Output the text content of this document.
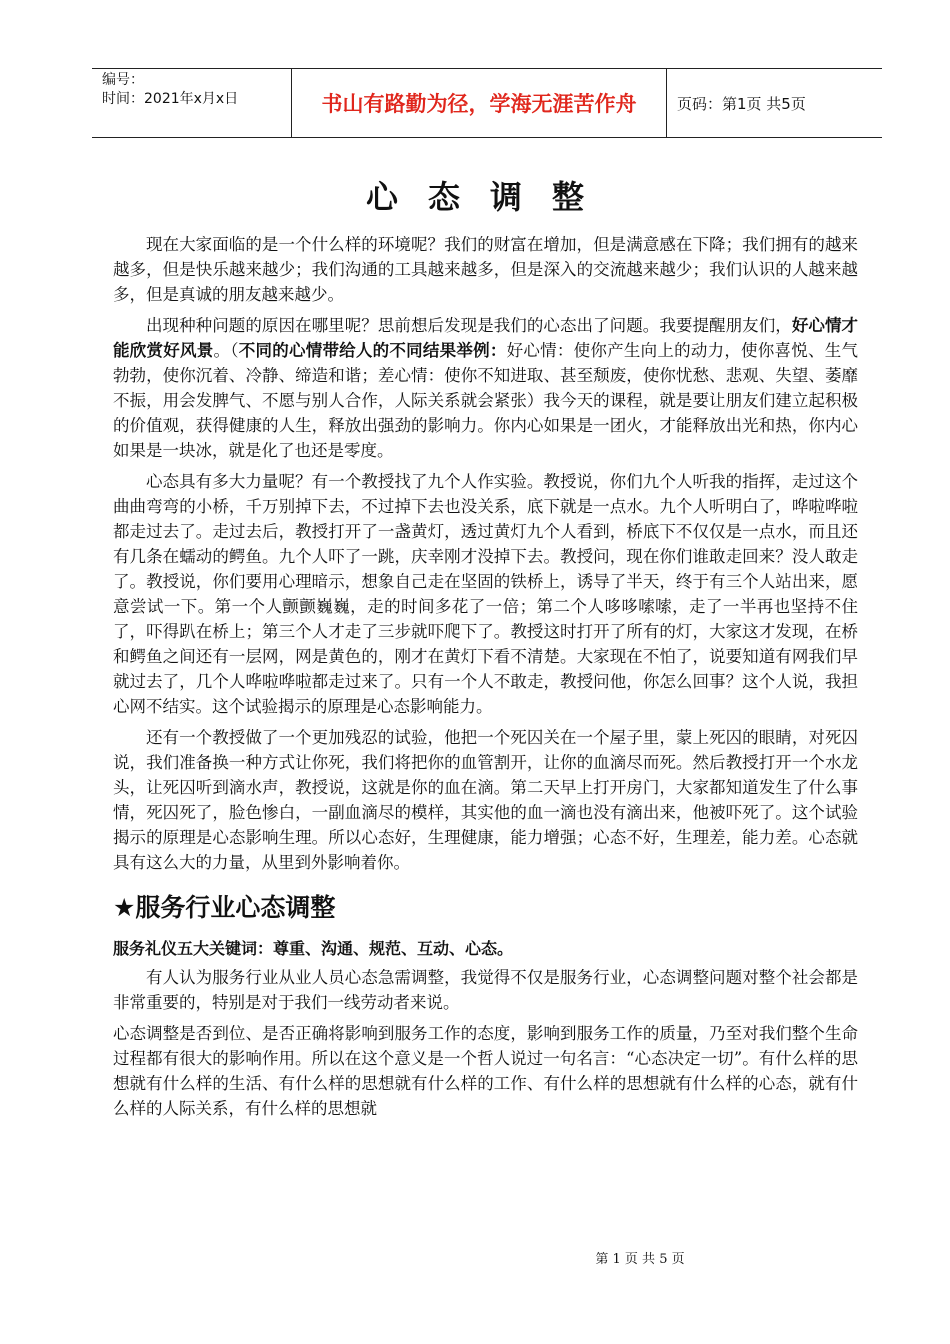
编号：
时间：2021年x月x日	书山有路勤为径，学海无涯苦作舟	页码：第1页 共5页
心态调整

现在大家面临的是一个什么样的环境呢？我们的财富在增加，但是满意感在下降；我们拥有的越来越多，但是快乐越来越少；我们沟通的工具越来越多，但是深入的交流越来越少；我们认识的人越来越多，但是真诚的朋友越来越少。

出现种种问题的原因在哪里呢？思前想后发现是我们的心态出了问题。我要提醒朋友们，好心情才能欣赏好风景。（不同的心情带给人的不同结果举例：好心情：使你产生向上的动力，使你喜悦、生气勃勃，使你沉着、冷静、缔造和谐；差心情：使你不知进取、甚至颓废，使你忧愁、悲观、失望、萎靡不振，用会发脾气、不愿与别人合作，人际关系就会紧张）我今天的课程，就是要让朋友们建立起积极的价值观，获得健康的人生，释放出强劲的影响力。你内心如果是一团火，才能释放出光和热，你内心如果是一块冰，就是化了也还是零度。

心态具有多大力量呢？有一个教授找了九个人作实验。教授说，你们九个人听我的指挥，走过这个曲曲弯弯的小桥，千万别掉下去，不过掉下去也没关系，底下就是一点水。九个人听明白了，哗啦哗啦都走过去了。走过去后，教授打开了一盏黄灯，透过黄灯九个人看到，桥底下不仅仅是一点水，而且还有几条在蠕动的鳄鱼。九个人吓了一跳，庆幸刚才没掉下去。教授问，现在你们谁敢走回来？没人敢走了。教授说，你们要用心理暗示，想象自己走在坚固的铁桥上，诱导了半天，终于有三个人站出来，愿意尝试一下。第一个人颤颤巍巍，走的时间多花了一倍；第二个人哆哆嗦嗦，走了一半再也坚持不住了，吓得趴在桥上；第三个人才走了三步就吓爬下了。教授这时打开了所有的灯，大家这才发现，在桥和鳄鱼之间还有一层网，网是黄色的，刚才在黄灯下看不清楚。大家现在不怕了，说要知道有网我们早就过去了，几个人哗啦哗啦都走过来了。只有一个人不敢走，教授问他，你怎么回事？这个人说，我担心网不结实。这个试验揭示的原理是心态影响能力。

还有一个教授做了一个更加残忍的试验，他把一个死囚关在一个屋子里，蒙上死囚的眼睛，对死囚说，我们准备换一种方式让你死，我们将把你的血管割开，让你的血滴尽而死。然后教授打开一个水龙头，让死囚听到滴水声，教授说，这就是你的血在滴。第二天早上打开房门，大家都知道发生了什么事情，死囚死了，脸色惨白，一副血滴尽的模样，其实他的血一滴也没有滴出来，他被吓死了。这个试验揭示的原理是心态影响生理。所以心态好，生理健康，能力增强；心态不好，生理差，能力差。心态就具有这么大的力量，从里到外影响着你。

★服务行业心态调整
服务礼仪五大关键词：尊重、沟通、规范、互动、心态。

有人认为服务行业从业人员心态急需调整，我觉得不仅是服务行业，心态调整问题对整个社会都是非常重要的，特别是对于我们一线劳动者来说。

心态调整是否到位、是否正确将影响到服务工作的态度，影响到服务工作的质量，乃至对我们整个生命过程都有很大的影响作用。所以在这个意义是一个哲人说过一句名言：“心态决定一切”。有什么样的思想就有什么样的生活、有什么样的思想就有什么样的工作、有什么样的思想就有什么样的心态，就有什么样的人际关系，有什么样的思想就

第 1 页 共 5 页
